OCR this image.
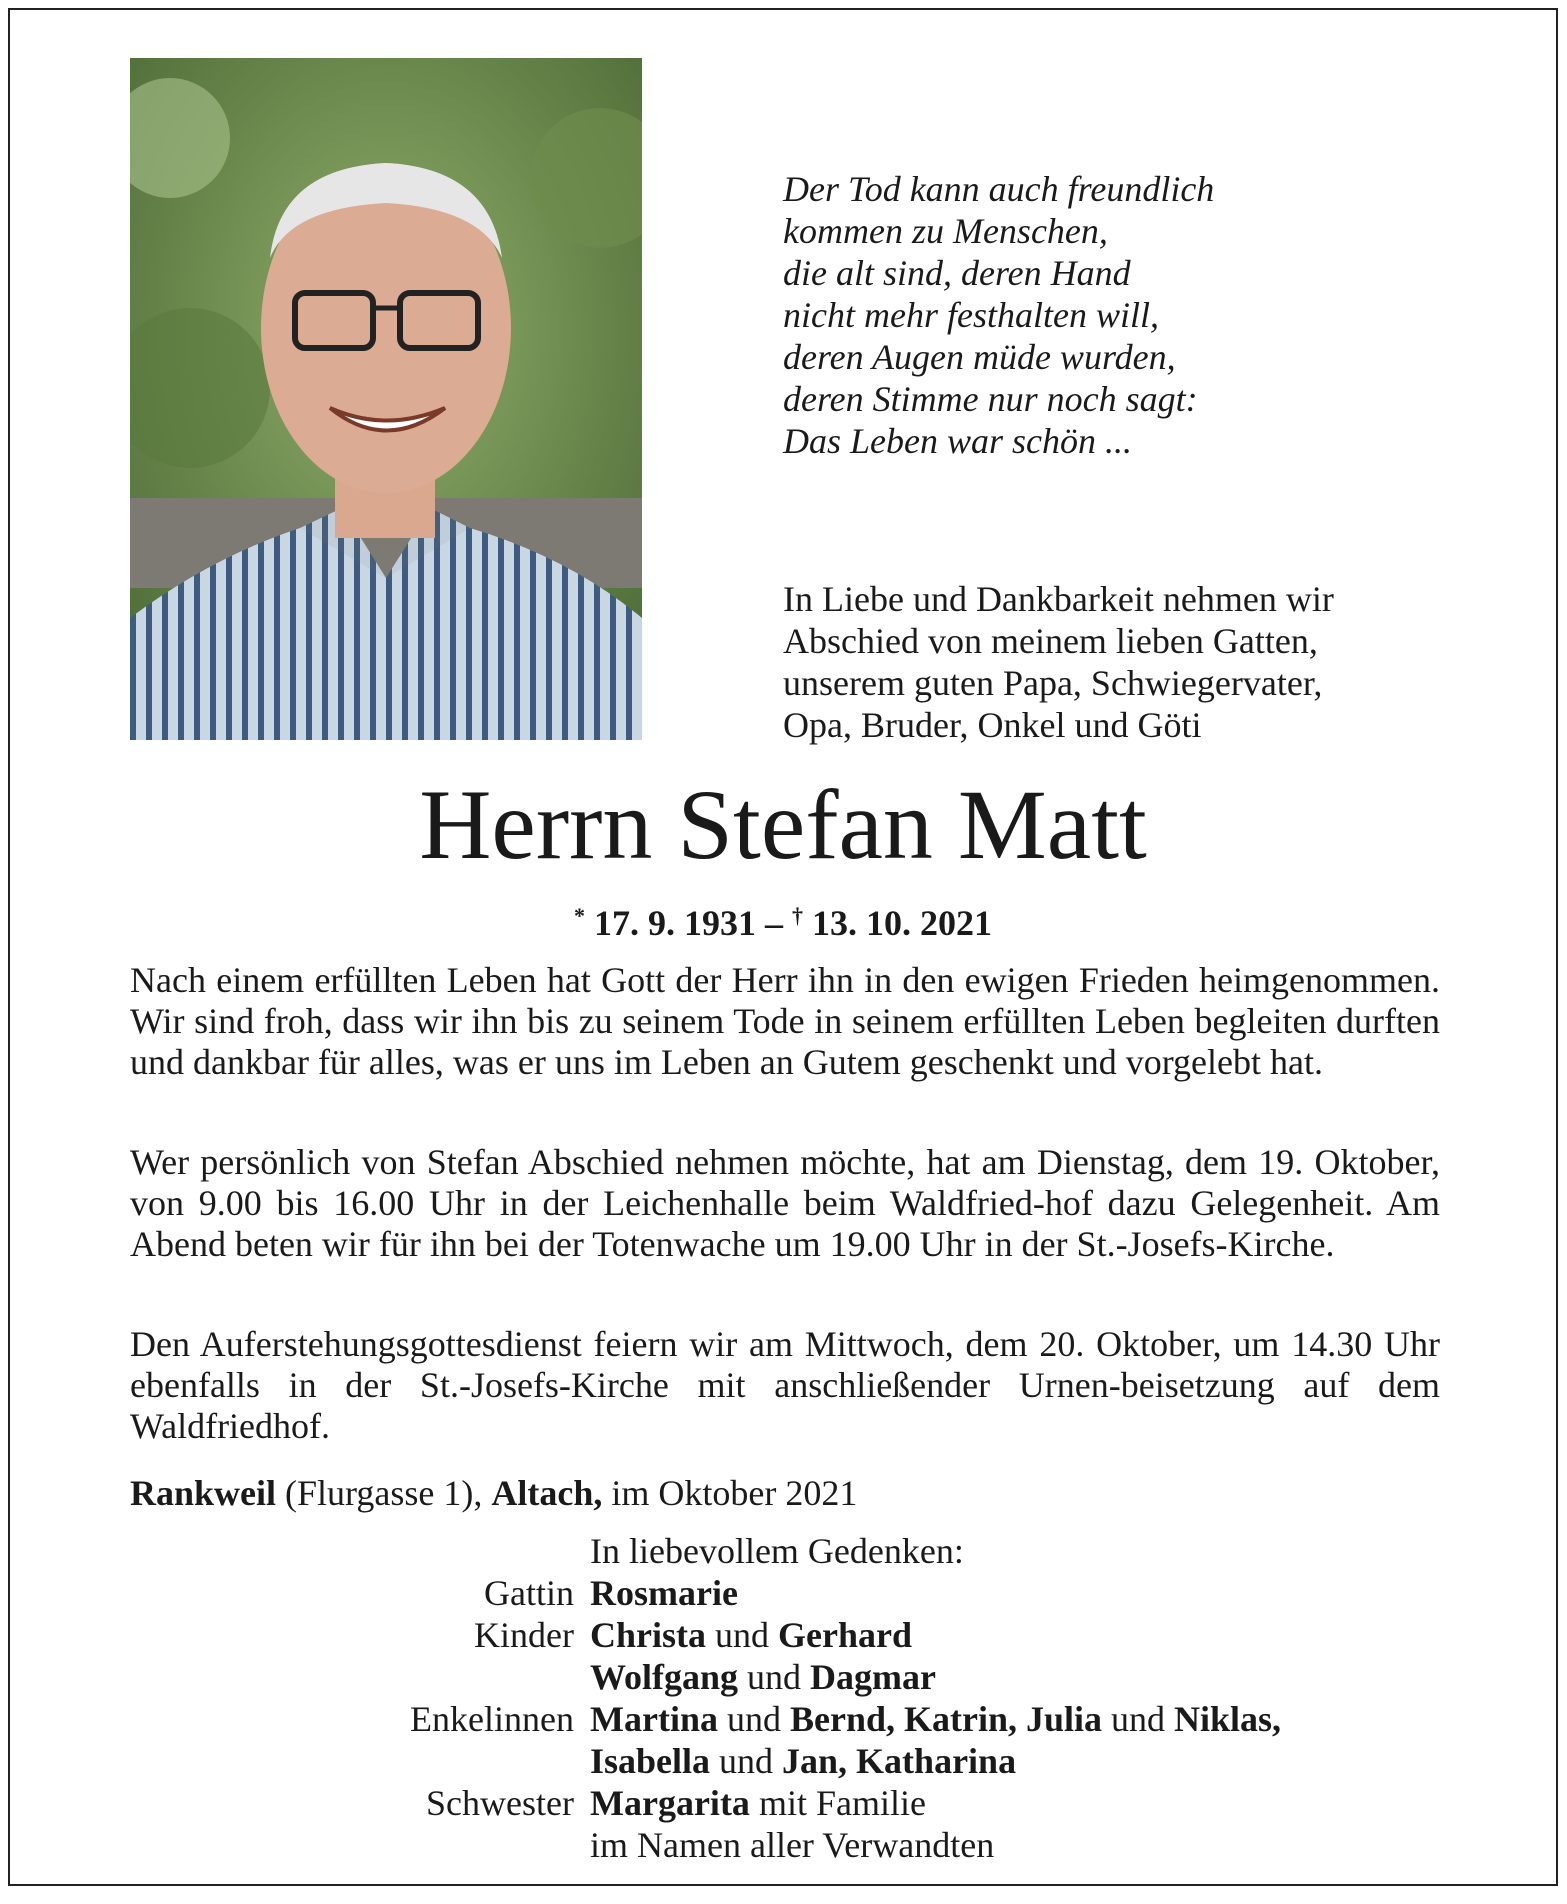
Der Tod kann auch freundlich
kommen zu Menschen,
die alt sind, deren Hand
nicht mehr festhalten will,
deren Augen müde wurden,
deren Stimme nur noch sagt:
Das Leben war schön ...
In Liebe und Dankbarkeit nehmen wir
Abschied von meinem lieben Gatten,
unserem guten Papa, Schwiegervater,
Opa, Bruder, Onkel und Göti
Herrn Stefan Matt
* 17. 9. 1931 – † 13. 10. 2021

Nach einem erfüllten Leben hat Gott der Herr ihn in den ewigen Frieden heimgenommen. Wir sind froh, dass wir ihn bis zu seinem Tode in seinem erfüllten Leben begleiten durften und dankbar für alles, was er uns im Leben an Gutem geschenkt und vorgelebt hat.

Wer persönlich von Stefan Abschied nehmen möchte, hat am Dienstag, dem 19. Oktober, von 9.00 bis 16.00 Uhr in der Leichenhalle beim Waldfried-hof dazu Gelegenheit. Am Abend beten wir für ihn bei der Totenwache um 19.00 Uhr in der St.-Josefs-Kirche.

Den Auferstehungsgottesdienst feiern wir am Mittwoch, dem 20. Oktober, um 14.30 Uhr ebenfalls in der St.-Josefs-Kirche mit anschließender Urnen-beisetzung auf dem Waldfriedhof.

Rankweil (Flurgasse 1), Altach, im Oktober 2021
In liebevollem Gedenken:
Gattin Rosmarie
Kinder Christa und Gerhard
Wolfgang und Dagmar
Enkelinnen Martina und Bernd, Katrin, Julia und Niklas,
Isabella und Jan, Katharina
Schwester Margarita mit Familie
im Namen aller Verwandten
